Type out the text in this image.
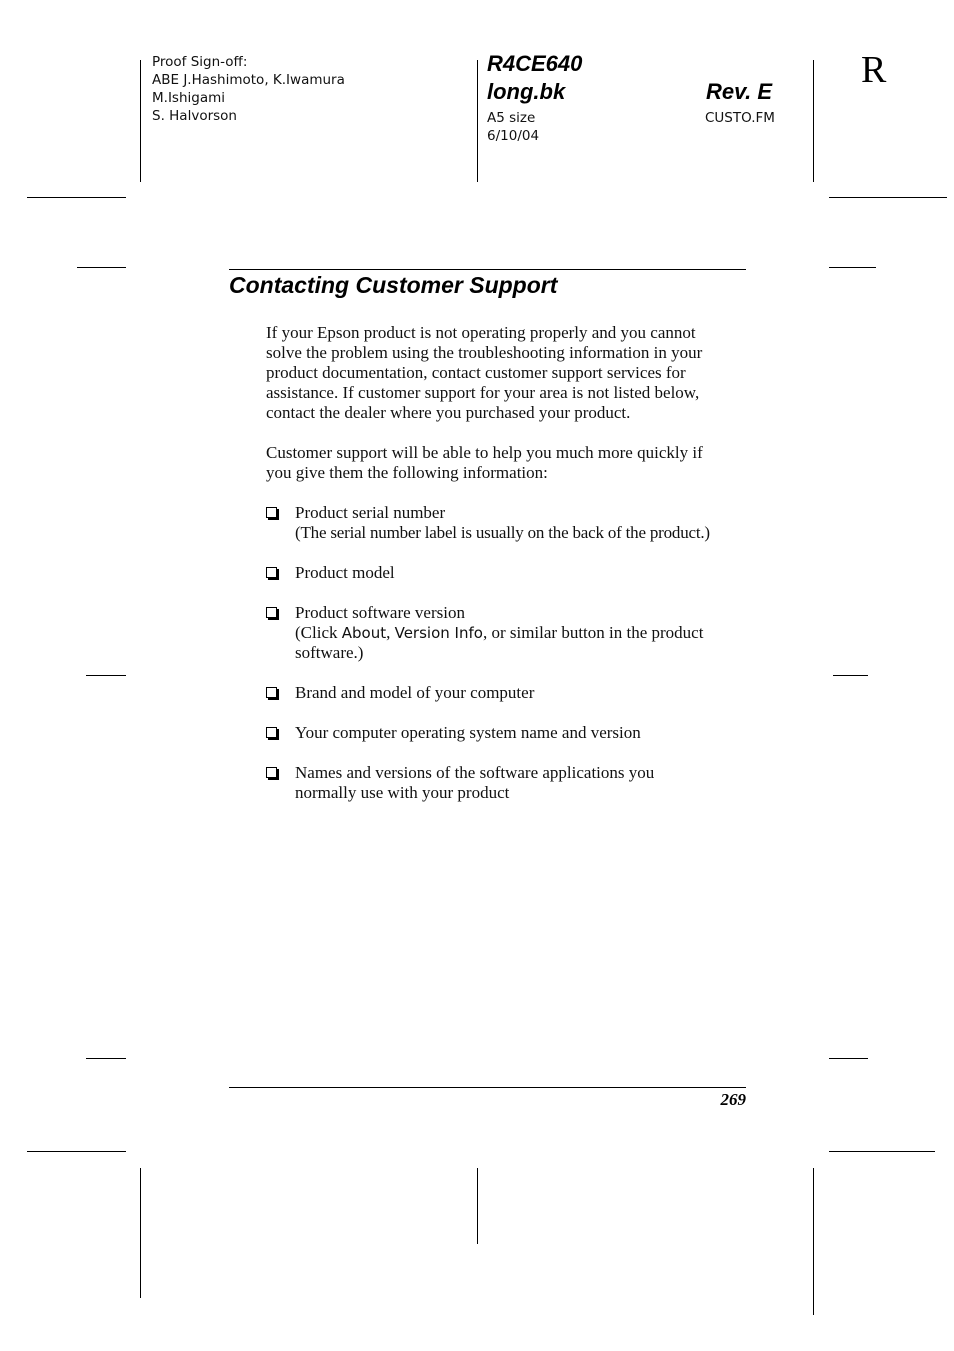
Proof Sign-off:
ABE J.Hashimoto, K.Iwamura
M.Ishigami
S. Halvorson
R4CE640
long.bk	Rev. E
A5 size
6/10/04
CUSTO.FM
R
Contacting Customer Support
If your Epson product is not operating properly and you cannot
solve the problem using the troubleshooting information in your
product documentation, contact customer support services for
assistance. If customer support for your area is not listed below,
contact the dealer where you purchased your product.
Customer support will be able to help you much more quickly if
you give them the following information:
Product serial number
(The serial number label is usually on the back of the product.)
Product model
Product software version
(Click About, Version Info, or similar button in the product
software.)
Brand and model of your computer
Your computer operating system name and version
Names and versions of the software applications you
normally use with your product
269
